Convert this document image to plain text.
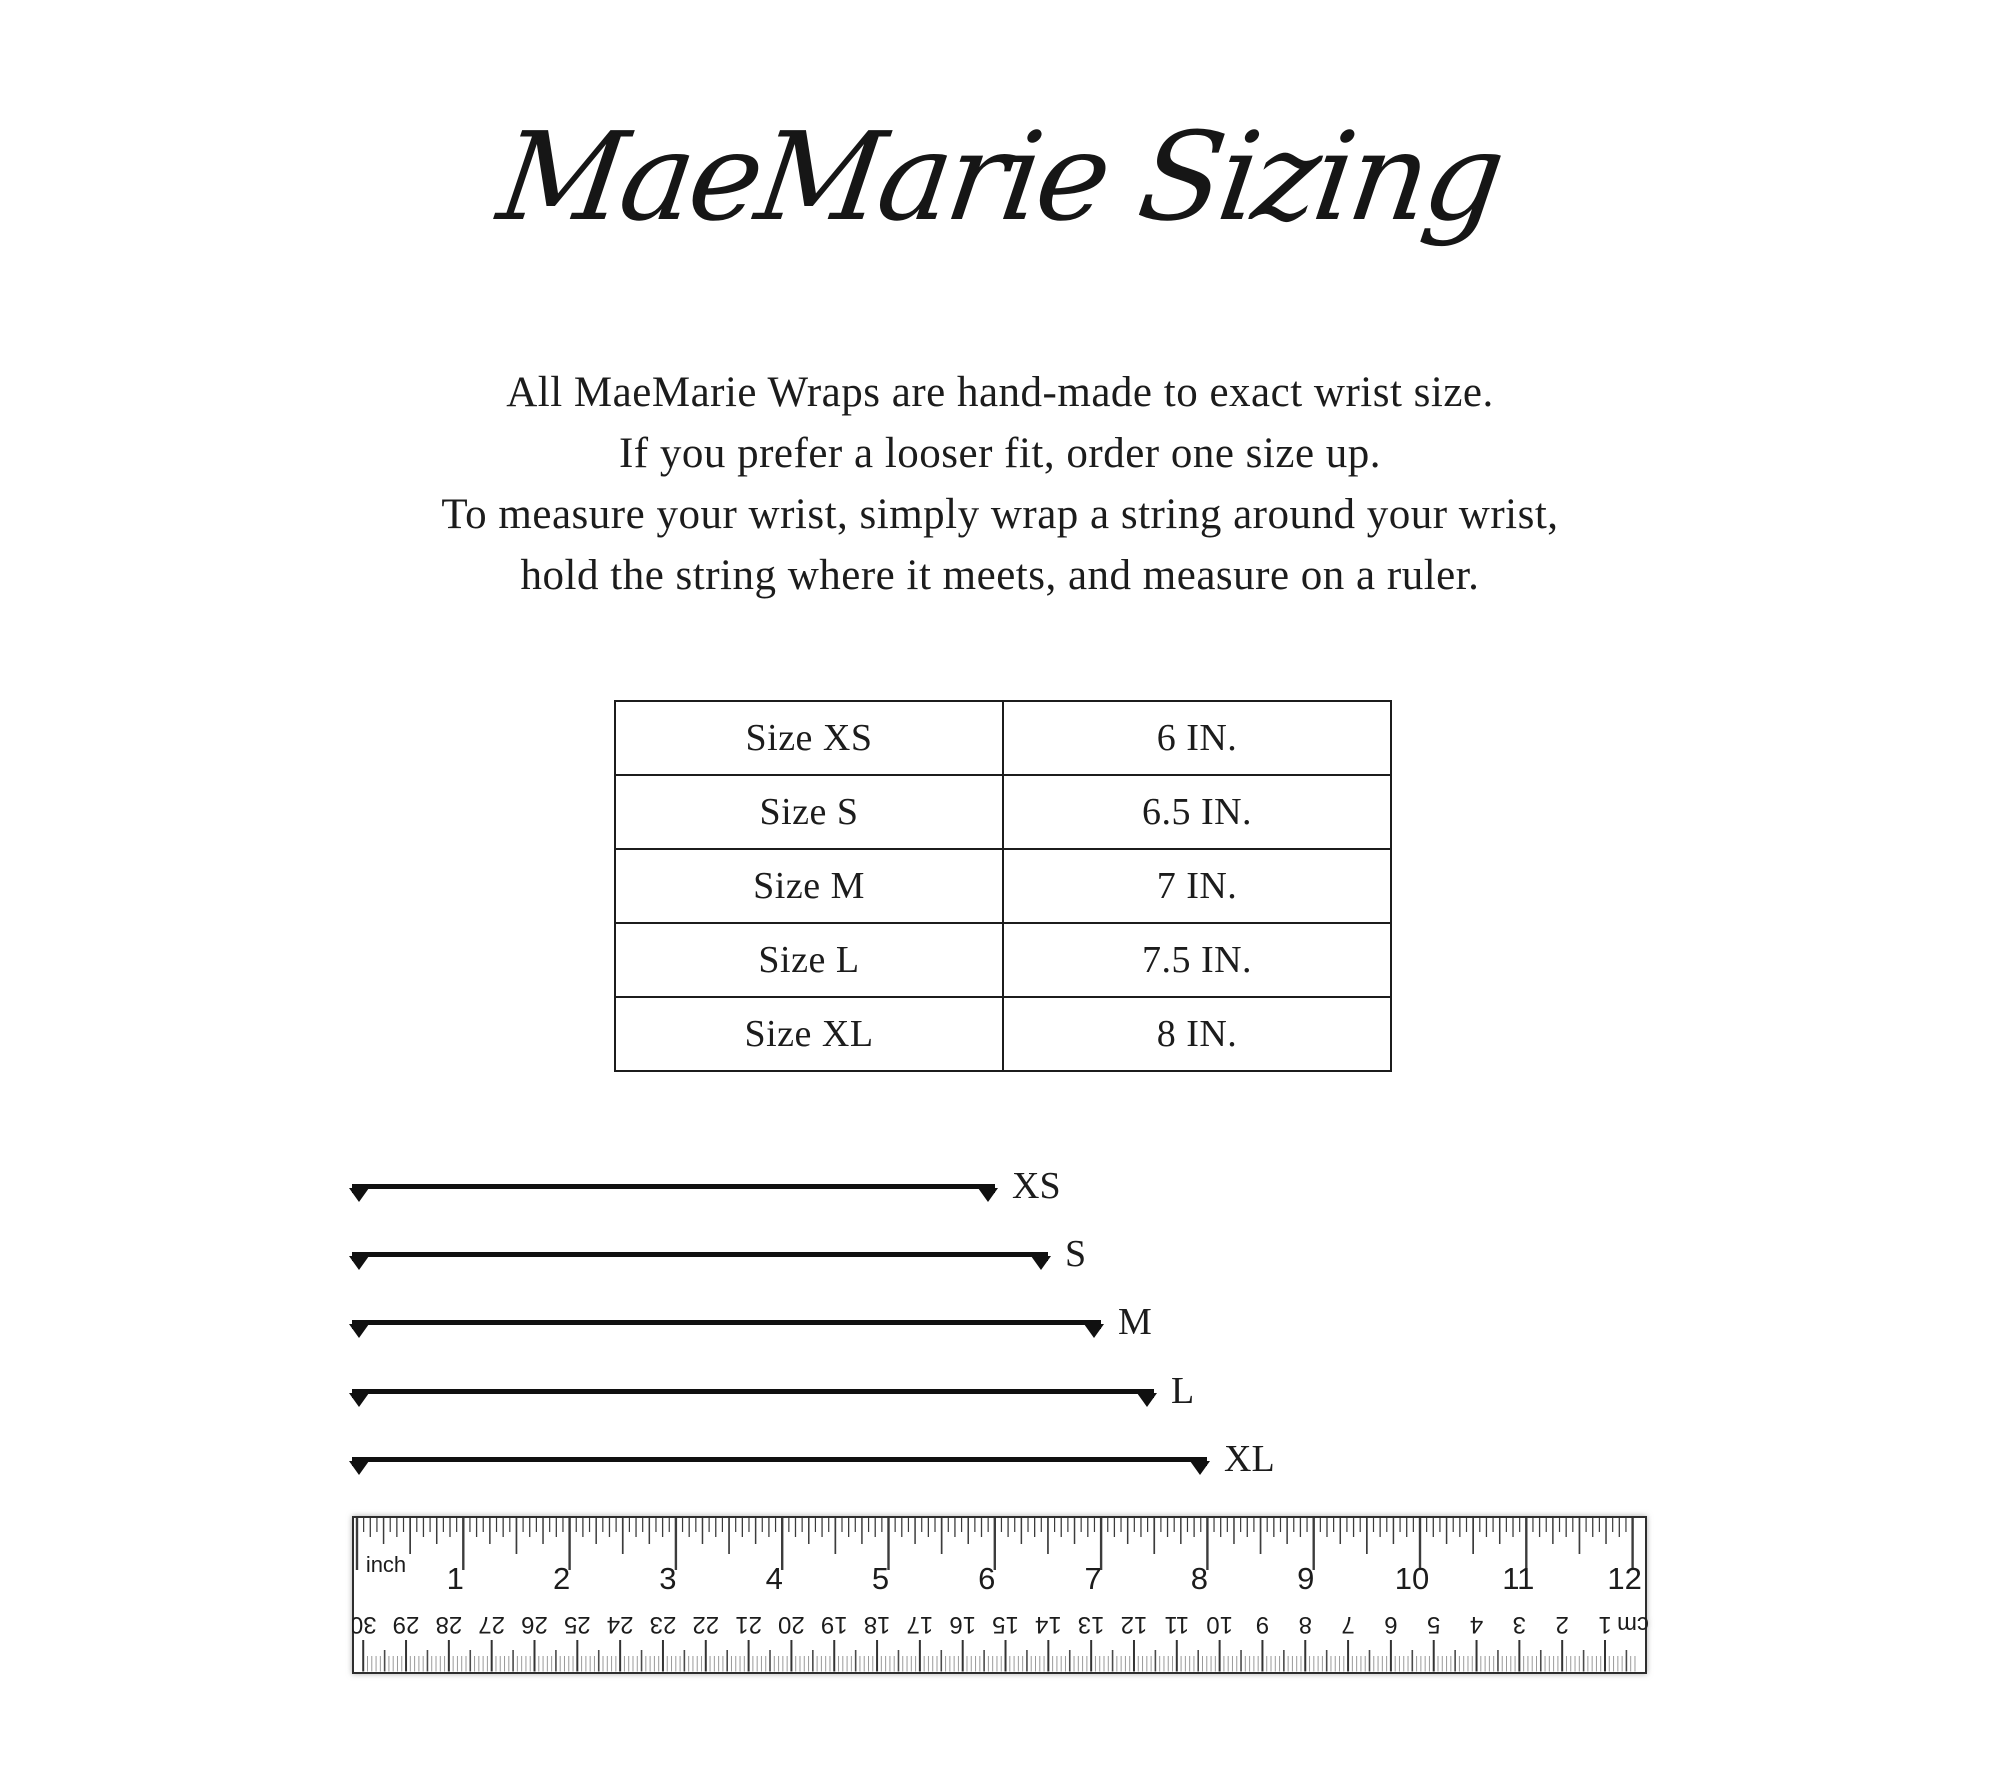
MaeMarie Sizing
All MaeMarie Wraps are hand-made to exact wrist size.
If you prefer a looser fit, order one size up.
To measure your wrist, simply wrap a string around your wrist,
hold the string where it meets, and measure on a ruler.
Size XS	6 IN.
Size S	6.5 IN.
Size M	7 IN.
Size L	7.5 IN.
Size XL	8 IN.
XS
S
M
L
XL
1	2	3	4	5	6	7	8	9	10 11 12
inch
30 29 28 27 26 25 24 23 22 21 20 19 18 17 16 15 14 13 12 11 10 9 8 7 6 5 4 3 2 1 cm
